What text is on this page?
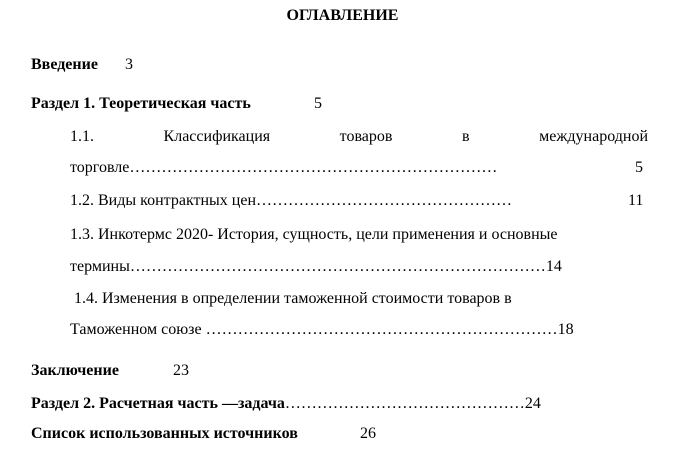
ОГЛАВЛЕНИЕ
Введение 3
Раздел 1. Теоретическая часть	5
1.1.	Классификация	товаров	в	международной
торговле……………………………………………………………	5
1.2. Виды контрактных цен…………………………………………	11
1.3. Инкотермс 2020- История, сущность, цели применения и основные
термины……………………………………………………………………14
1.4. Изменения в определении таможенной стоимости товаров в
Таможенном союзе …………………………………………………………18
Заключение	23
Раздел 2. Расчетная часть —задача………………………………………24
Список использованных источников	26
